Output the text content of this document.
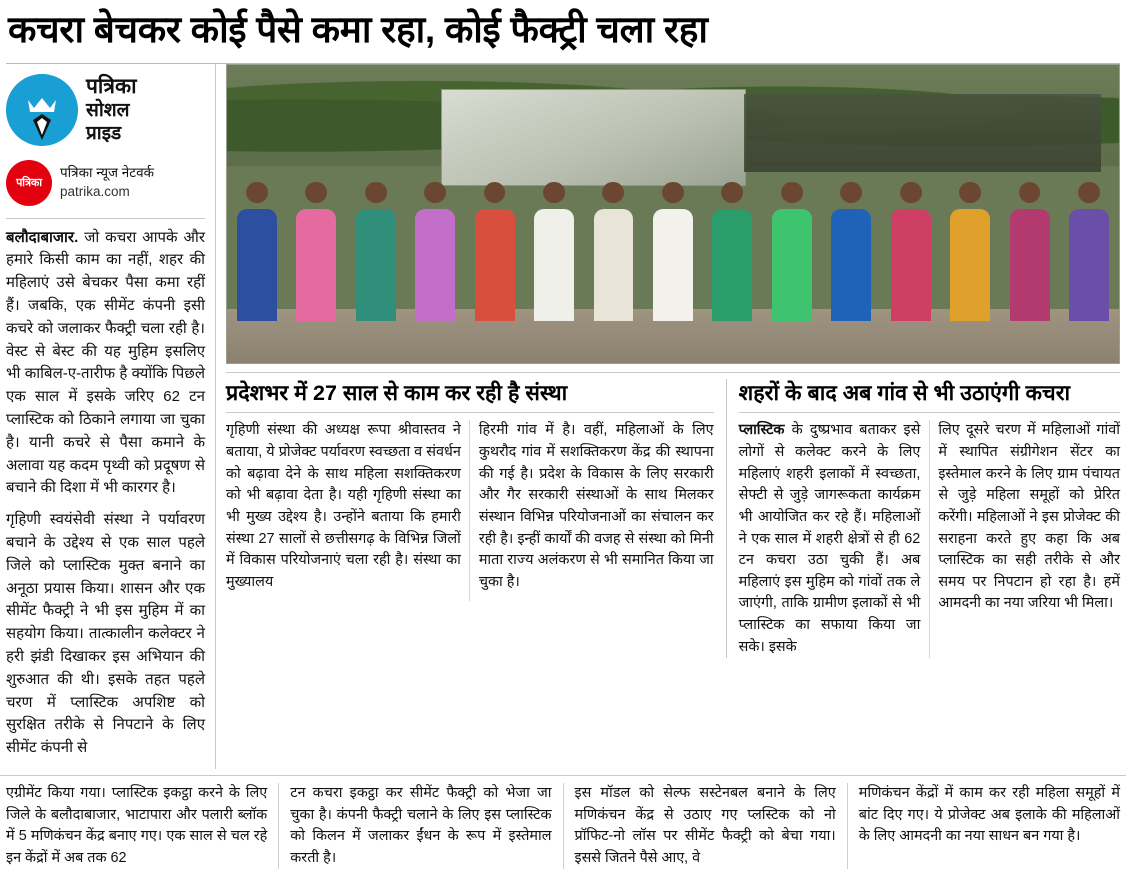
कचरा बेचकर कोई पैसे कमा रहा, कोई फैक्ट्री चला रहा
पत्रिका
सोशल
प्राइड
पत्रिका
पत्रिका न्यूज नेटवर्क
patrika.com

बलौदाबाजार. जो कचरा आपके और हमारे किसी काम का नहीं, शहर की महिलाएं उसे बेचकर पैसा कमा रहीं हैं। जबकि, एक सीमेंट कंपनी इसी कचरे को जलाकर फैक्ट्री चला रही है। वेस्ट से बेस्ट की यह मुहिम इसलिए भी काबिल-ए-तारीफ है क्योंकि पिछले एक साल में इसके जरिए 62 टन प्लास्टिक को ठिकाने लगाया जा चुका है। यानी कचरे से पैसा कमाने के अलावा यह कदम पृथ्वी को प्रदूषण से बचाने की दिशा में भी कारगर है।

गृहिणी स्वयंसेवी संस्था ने पर्यावरण बचाने के उद्देश्य से एक साल पहले जिले को प्लास्टिक मुक्त बनाने का अनूठा प्रयास किया। शासन और एक सीमेंट फैक्ट्री ने भी इस मुहिम में का सहयोग किया। तात्कालीन कलेक्टर ने हरी झंडी दिखाकर इस अभियान की शुरुआत की थी। इसके तहत पहले चरण में प्लास्टिक अपशिष्ट को सुरक्षित तरीके से निपटाने के लिए सीमेंट कंपनी से

प्रदेशभर में 27 साल से काम कर रही है संस्था

गृहिणी संस्था की अध्यक्ष रूपा श्रीवास्तव ने बताया, ये प्रोजेक्ट पर्यावरण स्वच्छता व संवर्धन को बढ़ावा देने के साथ महिला सशक्तिकरण को भी बढ़ावा देता है। यही गृहिणी संस्था का भी मुख्य उद्देश्य है। उन्होंने बताया कि हमारी संस्था 27 सालों से छत्तीसगढ़ के विभिन्न जिलों में विकास परियोजनाएं चला रही है। संस्था का मुख्यालय

हिरमी गांव में है। वहीं, महिलाओं के लिए कुथरौद गांव में सशक्तिकरण केंद्र की स्थापना की गई है। प्रदेश के विकास के लिए सरकारी और गैर सरकारी संस्थाओं के साथ मिलकर संस्थान विभिन्न परियोजनाओं का संचालन कर रही है। इन्हीं कार्यों की वजह से संस्था को मिनी माता राज्य अलंकरण से भी समानित किया जा चुका है।

शहरों के बाद अब गांव से भी उठाएंगी कचरा

प्लास्टिक के दुष्प्रभाव बताकर इसे लोगों से कलेक्ट करने के लिए महिलाएं शहरी इलाकों में स्वच्छता, सेफ्टी से जुड़े जागरूकता कार्यक्रम भी आयोजित कर रहे हैं। महिलाओं ने एक साल में शहरी क्षेत्रों से ही 62 टन कचरा उठा चुकी हैं। अब महिलाएं इस मुहिम को गांवों तक ले जाएंगी, ताकि ग्रामीण इलाकों से भी प्लास्टिक का सफाया किया जा सके। इसके

लिए दूसरे चरण में महिलाओं गांवों में स्थापित संग्रीगेशन सेंटर का इस्तेमाल करने के लिए ग्राम पंचायत से जुड़े महिला समूहों को प्रेरित करेंगी। महिलाओं ने इस प्रोजेक्ट की सराहना करते हुए कहा कि अब प्लास्टिक का सही तरीके से और समय पर निपटान हो रहा है। हमें आमदनी का नया जरिया भी मिला।

एग्रीमेंट किया गया। प्लास्टिक इकट्ठा करने के लिए जिले के बलौदाबाजार, भाटापारा और पलारी ब्लॉक में 5 मणिकंचन केंद्र बनाए गए। एक साल से चल रहे इन केंद्रों में अब तक 62
टन कचरा इकट्ठा कर सीमेंट फैक्ट्री को भेजा जा चुका है। कंपनी फैक्ट्री चलाने के लिए इस प्लास्टिक को किलन में जलाकर ईंधन के रूप में इस्तेमाल करती है।
इस मॉडल को सेल्फ सस्टेनबल बनाने के लिए मणिकंचन केंद्र से उठाए गए प्लस्टिक को नो प्रॉफिट-नो लॉस पर सीमेंट फैक्ट्री को बेचा गया। इससे जितने पैसे आए, वे
मणिकंचन केंद्रों में काम कर रही महिला समूहों में बांट दिए गए। ये प्रोजेक्ट अब इलाके की महिलाओं के लिए आमदनी का नया साधन बन गया है।
